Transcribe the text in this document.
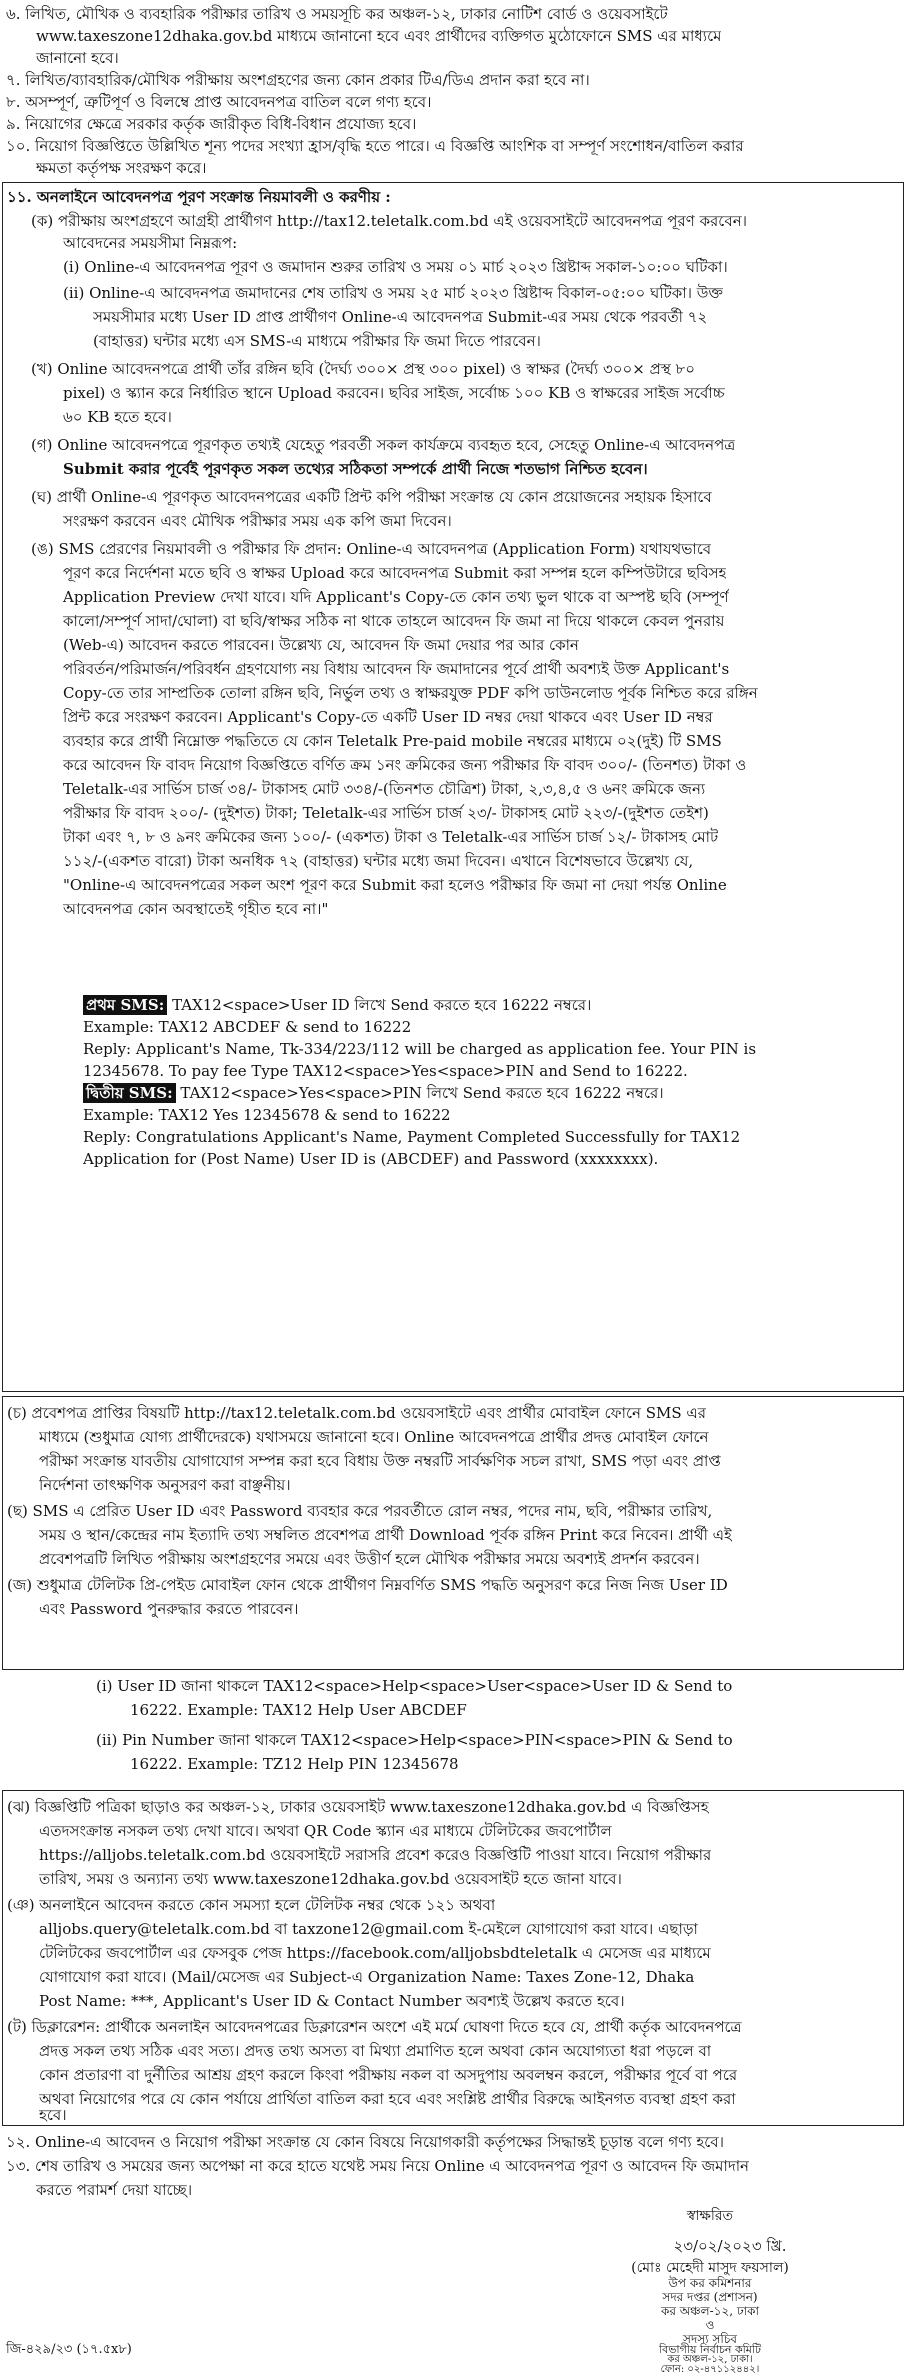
৬. লিখিত, মৌখিক ও ব্যবহারিক পরীক্ষার তারিখ ও সময়সূচি কর অঞ্চল-১২, ঢাকার নোটিশ বোর্ড ও ওয়েবসাইটে
www.taxeszone12dhaka.gov.bd মাধ্যমে জানানো হবে এবং প্রার্থীদের ব্যক্তিগত মুঠোফোনে SMS এর মাধ্যমে
জানানো হবে।
৭. লিখিত/ব্যাবহারিক/মৌখিক পরীক্ষায় অংশগ্রহণের জন্য কোন প্রকার টিএ/ডিএ প্রদান করা হবে না।
৮. অসম্পূর্ণ, ত্রুটিপূর্ণ ও বিলম্বে প্রাপ্ত আবেদনপত্র বাতিল বলে গণ্য হবে।
৯. নিয়োগের ক্ষেত্রে সরকার কর্তৃক জারীকৃত বিধি-বিধান প্রযোজ্য হবে।
১০. নিয়োগ বিজ্ঞপ্তিতে উল্লিখিত শূন্য পদের সংখ্যা হ্রাস/বৃদ্ধি হতে পারে। এ বিজ্ঞপ্তি আংশিক বা সম্পূর্ণ সংশোধন/বাতিল করার
ক্ষমতা কর্তৃপক্ষ সংরক্ষণ করে।
১১. অনলাইনে আবেদনপত্র পূরণ সংক্রান্ত নিয়মাবলী ও করণীয় :
(ক) পরীক্ষায় অংশগ্রহণে আগ্রহী প্রার্থীগণ http://tax12.teletalk.com.bd এই ওয়েবসাইটে আবেদনপত্র পূরণ করবেন।
আবেদনের সময়সীমা নিম্নরূপ:
(i) Online-এ আবেদনপত্র পূরণ ও জমাদান শুরুর তারিখ ও সময় ০১ মার্চ ২০২৩ খ্রিষ্টাব্দ সকাল-১০:০০ ঘটিকা।
(ii) Online-এ আবেদনপত্র জমাদানের শেষ তারিখ ও সময় ২৫ মার্চ ২০২৩ খ্রিষ্টাব্দ বিকাল-০৫:০০ ঘটিকা। উক্ত
সময়সীমার মধ্যে User ID প্রাপ্ত প্রার্থীগণ Online-এ আবেদনপত্র Submit-এর সময় থেকে পরবর্তী ৭২
(বাহাত্তর) ঘন্টার মধ্যে এস SMS-এ মাধ্যমে পরীক্ষার ফি জমা দিতে পারবেন।
(খ) Online আবেদনপত্রে প্রার্থী তাঁর রঙ্গিন ছবি (দৈর্ঘ্য ৩০০× প্রস্থ ৩০০ pixel) ও স্বাক্ষর (দৈর্ঘ্য ৩০০× প্রস্থ ৮০
pixel) ও স্ক্যান করে নির্ধারিত স্থানে Upload করবেন। ছবির সাইজ, সর্বোচ্চ ১০০ KB ও স্বাক্ষরের সাইজ সর্বোচ্চ
৬০ KB হতে হবে।
(গ) Online আবেদনপত্রে পূরণকৃত তথ্যই যেহেতু পরবর্তী সকল কার্যক্রমে ব্যবহৃত হবে, সেহেতু Online-এ আবেদনপত্র
Submit করার পূর্বেই পূরণকৃত সকল তথ্যের সঠিকতা সম্পর্কে প্রার্থী নিজে শতভাগ নিশ্চিত হবেন।
(ঘ) প্রার্থী Online-এ পূরণকৃত আবেদনপত্রের একটি প্রিন্ট কপি পরীক্ষা সংক্রান্ত যে কোন প্রয়োজনের সহায়ক হিসাবে
সংরক্ষণ করবেন এবং মৌখিক পরীক্ষার সময় এক কপি জমা দিবেন।
(ঙ) SMS প্রেরণের নিয়মাবলী ও পরীক্ষার ফি প্রদান: Online-এ আবেদনপত্র (Application Form) যথাযথভাবে
পূরণ করে নির্দেশনা মতে ছবি ও স্বাক্ষর Upload করে আবেদনপত্র Submit করা সম্পন্ন হলে কম্পিউটারে ছবিসহ
Application Preview দেখা যাবে। যদি Applicant's Copy-তে কোন তথ্য ভুল থাকে বা অস্পষ্ট ছবি (সম্পূর্ণ
কালো/সম্পূর্ণ সাদা/ঘোলা) বা ছবি/স্বাক্ষর সঠিক না থাকে তাহলে আবেদন ফি জমা না দিয়ে থাকলে কেবল পুনরায়
(Web-এ) আবেদন করতে পারবেন। উল্লেখ্য যে, আবেদন ফি জমা দেয়ার পর আর কোন
পরিবর্তন/পরিমার্জন/পরিবর্ধন গ্রহণযোগ্য নয় বিধায় আবেদন ফি জমাদানের পূর্বে প্রার্থী অবশ্যই উক্ত Applicant's
Copy-তে তার সাম্প্রতিক তোলা রঙ্গিন ছবি, নির্ভুল তথ্য ও স্বাক্ষরযুক্ত PDF কপি ডাউনলোড পূর্বক নিশ্চিত করে রঙ্গিন
প্রিন্ট করে সংরক্ষণ করবেন। Applicant's Copy-তে একটি User ID নম্বর দেয়া থাকবে এবং User ID নম্বর
ব্যবহার করে প্রার্থী নিম্নোক্ত পদ্ধতিতে যে কোন Teletalk Pre-paid mobile নম্বরের মাধ্যমে ০২(দুই) টি SMS
করে আবেদন ফি বাবদ নিয়োগ বিজ্ঞপ্তিতে বর্ণিত ক্রম ১নং ক্রমিকের জন্য পরীক্ষার ফি বাবদ ৩০০/- (তিনশত) টাকা ও
Teletalk-এর সার্ভিস চার্জ ৩৪/- টাকাসহ মোট ৩৩৪/-(তিনশত চৌত্রিশ) টাকা, ২,৩,৪,৫ ও ৬নং ক্রমিকে জন্য
পরীক্ষার ফি বাবদ ২০০/- (দুইশত) টাকা; Teletalk-এর সার্ভিস চার্জ ২৩/- টাকাসহ মোট ২২৩/-(দুইশত তেইশ)
টাকা এবং ৭, ৮ ও ৯নং ক্রমিকের জন্য ১০০/- (একশত) টাকা ও Teletalk-এর সার্ভিস চার্জ ১২/- টাকাসহ মোট
১১২/-(একশত বারো) টাকা অনধিক ৭২ (বাহাত্তর) ঘন্টার মধ্যে জমা দিবেন। এখানে বিশেষভাবে উল্লেখ্য যে,
"Online-এ আবেদনপত্রের সকল অংশ পূরণ করে Submit করা হলেও পরীক্ষার ফি জমা না দেয়া পর্যন্ত Online
আবেদনপত্র কোন অবস্থাতেই গৃহীত হবে না।"
প্রথম SMS: TAX12<space>User ID লিখে Send করতে হবে 16222 নম্বরে।
Example: TAX12 ABCDEF & send to 16222
Reply: Applicant's Name, Tk-334/223/112 will be charged as application fee. Your PIN is
12345678. To pay fee Type TAX12<space>Yes<space>PIN and Send to 16222.
দ্বিতীয় SMS: TAX12<space>Yes<space>PIN লিখে Send করতে হবে 16222 নম্বরে।
Example: TAX12 Yes 12345678 & send to 16222
Reply: Congratulations Applicant's Name, Payment Completed Successfully for TAX12
Application for (Post Name) User ID is (ABCDEF) and Password (xxxxxxxx).
(চ) প্রবেশপত্র প্রাপ্তির বিষয়টি http://tax12.teletalk.com.bd ওয়েবসাইটে এবং প্রার্থীর মোবাইল ফোনে SMS এর
মাধ্যমে (শুধুমাত্র যোগ্য প্রার্থীদেরকে) যথাসময়ে জানানো হবে। Online আবেদনপত্রে প্রার্থীর প্রদত্ত মোবাইল ফোনে
পরীক্ষা সংক্রান্ত যাবতীয় যোগাযোগ সম্পন্ন করা হবে বিধায় উক্ত নম্বরটি সার্বক্ষণিক সচল রাখা, SMS পড়া এবং প্রাপ্ত
নির্দেশনা তাৎক্ষণিক অনুসরণ করা বাঞ্ছনীয়।
(ছ) SMS এ প্রেরিত User ID এবং Password ব্যবহার করে পরবর্তীতে রোল নম্বর, পদের নাম, ছবি, পরীক্ষার তারিখ,
সময় ও স্থান/কেন্দ্রের নাম ইত্যাদি তথ্য সম্বলিত প্রবেশপত্র প্রার্থী Download পূর্বক রঙ্গিন Print করে নিবেন। প্রার্থী এই
প্রবেশপত্রটি লিখিত পরীক্ষায় অংশগ্রহণের সময়ে এবং উত্তীর্ণ হলে মৌখিক পরীক্ষার সময়ে অবশ্যই প্রদর্শন করবেন।
(জ) শুধুমাত্র টেলিটক প্রি-পেইড মোবাইল ফোন থেকে প্রার্থীগণ নিম্নবর্ণিত SMS পদ্ধতি অনুসরণ করে নিজ নিজ User ID
এবং Password পুনরুদ্ধার করতে পারবেন।
(i) User ID জানা থাকলে TAX12<space>Help<space>User<space>User ID & Send to
16222. Example: TAX12 Help User ABCDEF
(ii) Pin Number জানা থাকলে TAX12<space>Help<space>PIN<space>PIN & Send to
16222. Example: TZ12 Help PIN 12345678
(ঝ) বিজ্ঞপ্তিটি পত্রিকা ছাড়াও কর অঞ্চল-১২, ঢাকার ওয়েবসাইট www.taxeszone12dhaka.gov.bd এ বিজ্ঞপ্তিসহ
এতদসংক্রান্ত নসকল তথ্য দেখা যাবে। অথবা QR Code স্ক্যান এর মাধ্যমে টেলিটকের জবপোর্টাল
https://alljobs.teletalk.com.bd ওয়েবসাইটে সরাসরি প্রবেশ করেও বিজ্ঞপ্তিটি পাওয়া যাবে। নিয়োগ পরীক্ষার
তারিখ, সময় ও অন্যান্য তথ্য www.taxeszone12dhaka.gov.bd ওয়েবসাইট হতে জানা যাবে।
(ঞ) অনলাইনে আবেদন করতে কোন সমস্যা হলে টেলিটক নম্বর থেকে ১২১ অথবা
alljobs.query@teletalk.com.bd বা taxzone12@gmail.com ই-মেইলে যোগাযোগ করা যাবে। এছাড়া
টেলিটকের জবপোর্টাল এর ফেসবুক পেজ https://facebook.com/alljobsbdteletalk এ মেসেজ এর মাধ্যমে
যোগাযোগ করা যাবে। (Mail/মেসেজ এর Subject-এ Organization Name: Taxes Zone-12, Dhaka
Post Name: ***, Applicant's User ID & Contact Number অবশ্যই উল্লেখ করতে হবে।
(ট) ডিক্লারেশন: প্রার্থীকে অনলাইন আবেদনপত্রের ডিক্লারেশন অংশে এই মর্মে ঘোষণা দিতে হবে যে, প্রার্থী কর্তৃক আবেদনপত্রে
প্রদত্ত সকল তথ্য সঠিক এবং সত্য। প্রদত্ত তথ্য অসত্য বা মিথ্যা প্রমাণিত হলে অথবা কোন অযোগ্যতা ধরা পড়লে বা
কোন প্রতারণা বা দুর্নীতির আশ্রয় গ্রহণ করলে কিংবা পরীক্ষায় নকল বা অসদুপায় অবলম্বন করলে, পরীক্ষার পূর্বে বা পরে
অথবা নিয়োগের পরে যে কোন পর্যায়ে প্রার্থিতা বাতিল করা হবে এবং সংশ্লিষ্ট প্রার্থীর বিরুদ্ধে আইনগত ব্যবস্থা গ্রহণ করা
হবে।
১২. Online-এ আবেদন ও নিয়োগ পরীক্ষা সংক্রান্ত যে কোন বিষয়ে নিয়োগকারী কর্তৃপক্ষের সিদ্ধান্তই চূড়ান্ত বলে গণ্য হবে।
১৩. শেষ তারিখ ও সময়ের জন্য অপেক্ষা না করে হাতে যথেষ্ট সময় নিয়ে Online এ আবেদনপত্র পূরণ ও আবেদন ফি জমাদান
করতে পরামর্শ দেয়া যাচ্ছে।
স্বাক্ষরিত
২৩/০২/২০২৩ খ্রি.
(মোঃ মেহেদী মাসুদ ফয়সাল)
উপ কর কমিশনার
সদর দপ্তর (প্রশাসন)
কর অঞ্চল-১২, ঢাকা
ও
সদস্য সচিব
বিভাগীয় নির্বাচন কমিটি
কর অঞ্চল-১২, ঢাকা।
ফোন: ০২-৪৭১১২৪৪২।
জি-৪২৯/২৩ (১৭.৫x৮)
